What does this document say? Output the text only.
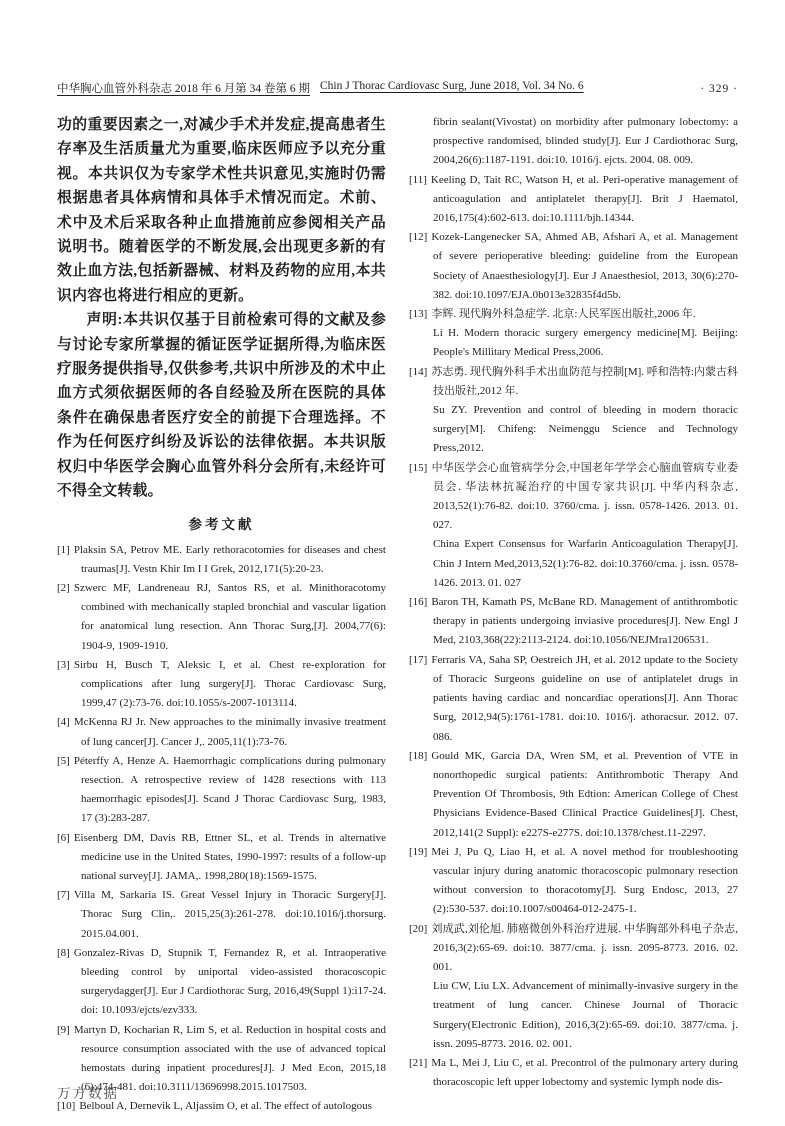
中华胸心血管外科杂志 2018 年 6 月第 34 卷第 6 期 Chin J Thorac Cardiovasc Surg, June 2018, Vol. 34 No. 6	· 329 ·
功的重要因素之一,对减少手术并发症,提高患者生存率及生活质量尤为重要,临床医师应予以充分重视。本共识仅为专家学术性共识意见,实施时仍需根据患者具体病情和具体手术情况而定。术前、术中及术后采取各种止血措施前应参阅相关产品说明书。随着医学的不断发展,会出现更多新的有效止血方法,包括新器械、材料及药物的应用,本共识内容也将进行相应的更新。
声明:本共识仅基于目前检索可得的文献及参与讨论专家所掌握的循证医学证据所得,为临床医疗服务提供指导,仅供参考,共识中所涉及的术中止血方式须依据医师的各自经验及所在医院的具体条件在确保患者医疗安全的前提下合理选择。不作为任何医疗纠纷及诉讼的法律依据。本共识版权归中华医学会胸心血管外科分会所有,未经许可不得全文转载。
参考文献
[1] Plaksin SA, Petrov ME. Early rethoracotomies for diseases and chest traumas[J]. Vestn Khir Im I I Grek, 2012,171(5):20-23.
[2] Szwerc MF, Landreneau RJ, Santos RS, et al. Minithoracotomy combined with mechanically stapled bronchial and vascular ligation for anatomical lung resection. Ann Thorac Surg,[J]. 2004,77(6): 1904-9, 1909-1910.
[3] Sirbu H, Busch T, Aleksic I, et al. Chest re-exploration for complications after lung surgery[J]. Thorac Cardiovasc Surg, 1999,47 (2):73-76. doi:10.1055/s-2007-1013114.
[4] McKenna RJ Jr. New approaches to the minimally invasive treatment of lung cancer[J]. Cancer J,. 2005,11(1):73-76.
[5] Péterffy A, Henze A. Haemorrhagic complications during pulmonary resection. A retrospective review of 1428 resections with 113 haemorrhagic episodes[J]. Scand J Thorac Cardiovasc Surg, 1983, 17 (3):283-287.
[6] Eisenberg DM, Davis RB, Ettner SL, et al. Trends in alternative medicine use in the United States, 1990-1997: results of a follow-up national survey[J]. JAMA,. 1998,280(18):1569-1575.
[7] Villa M, Sarkaria IS. Great Vessel Injury in Thoracic Surgery[J]. Thorac Surg Clin,. 2015,25(3):261-278. doi:10.1016/j.thorsurg. 2015.04.001.
[8] Gonzalez-Rivas D, Stupnik T, Fernandez R, et al. Intraoperative bleeding control by uniportal video-assisted thoracoscopic surgerydagger[J]. Eur J Cardiothorac Surg, 2016,49(Suppl 1):i17-24. doi: 10.1093/ejcts/ezv333.
[9] Martyn D, Kocharian R, Lim S, et al. Reduction in hospital costs and resource consumption associated with the use of advanced topical hemostats during inpatient procedures[J]. J Med Econ, 2015,18 (6):474-481. doi:10.3111/13696998.2015.1017503.
[10] Belboul A, Dernevik L, Aljassim O, et al. The effect of autologous
fibrin sealant(Vivostat) on morbidity after pulmonary lobectomy: a prospective randomised, blinded study[J]. Eur J Cardiothorac Surg, 2004,26(6):1187-1191. doi:10. 1016/j. ejcts. 2004. 08. 009.
[11] Keeling D, Tait RC, Watson H, et al. Peri-operative management of anticoagulation and antiplatelet therapy[J]. Brit J Haematol, 2016,175(4):602-613. doi:10.1111/bjh.14344.
[12] Kozek-Langenecker SA, Ahmed AB, Afshari A, et al. Management of severe perioperative bleeding: guideline from the European Society of Anaesthesiology[J]. Eur J Anaesthesiol, 2013, 30(6):270-382. doi:10.1097/EJA.0b013e32835f4d5b.
[13] 李辉. 现代胸外科急症学. 北京:人民军医出版社,2006 年.
Li H. Modern thoracic surgery emergency medicine[M]. Beijing: People's Millitary Medical Press,2006.
[14] 苏志勇. 现代胸外科手术出血防范与控制[M]. 呼和浩特:内蒙古科技出版社,2012 年.
Su ZY. Prevention and control of bleeding in modern thoracic surgery[M]. Chifeng: Neimenggu Science and Technology Press,2012.
[15] 中华医学会心血管病学分会,中国老年学学会心脑血管病专业委员会. 华法林抗凝治疗的中国专家共识[J]. 中华内科杂志, 2013,52(1):76-82. doi:10. 3760/cma. j. issn. 0578-1426. 2013. 01. 027.
China Expert Consensus for Warfarin Anticoagulation Therapy[J]. Chin J Intern Med,2013,52(1):76-82. doi:10.3760/cma. j. issn. 0578-1426. 2013. 01. 027
[16] Baron TH, Kamath PS, McBane RD. Management of antithrombotic therapy in patients undergoing inviasive procedures[J]. New Engl J Med, 2103,368(22):2113-2124. doi:10.1056/NEJMra1206531.
[17] Ferraris VA, Saha SP, Oestreich JH, et al. 2012 update to the Society of Thoracic Surgeons guideline on use of antiplatelet drugs in patients having cardiac and noncardiac operations[J]. Ann Thorac Surg, 2012,94(5):1761-1781. doi:10. 1016/j. athoracsur. 2012. 07. 086.
[18] Gould MK, Garcia DA, Wren SM, et al. Prevention of VTE in nonorthopedic surgical patients: Antithrombotic Therapy And Prevention Of Thrombosis, 9th Edtion: American College of Chest Physicians Evidence-Based Clinical Practice Guidelines[J]. Chest, 2012,141(2 Suppl): e227S-e277S. doi:10.1378/chest.11-2297.
[19] Mei J, Pu Q, Liao H, et al. A novel method for troubleshooting vascular injury during anatomic thoracoscopic pulmonary resection without conversion to thoracotomy[J]. Surg Endosc, 2013, 27 (2):530-537. doi:10.1007/s00464-012-2475-1.
[20] 刘成武,刘伦旭. 肺癌微创外科治疗进展. 中华胸部外科电子杂志, 2016,3(2):65-69. doi:10. 3877/cma. j. issn. 2095-8773. 2016. 02. 001.
Liu CW, Liu LX. Advancement of minimally-invasive surgery in the treatment of lung cancer. Chinese Journal of Thoracic Surgery(Electronic Edition), 2016,3(2):65-69. doi:10. 3877/cma. j. issn. 2095-8773. 2016. 02. 001.
[21] Ma L, Mei J, Liu C, et al. Precontrol of the pulmonary artery during thoracoscopic left upper lobectomy and systemic lymph node dis-
万方数据
